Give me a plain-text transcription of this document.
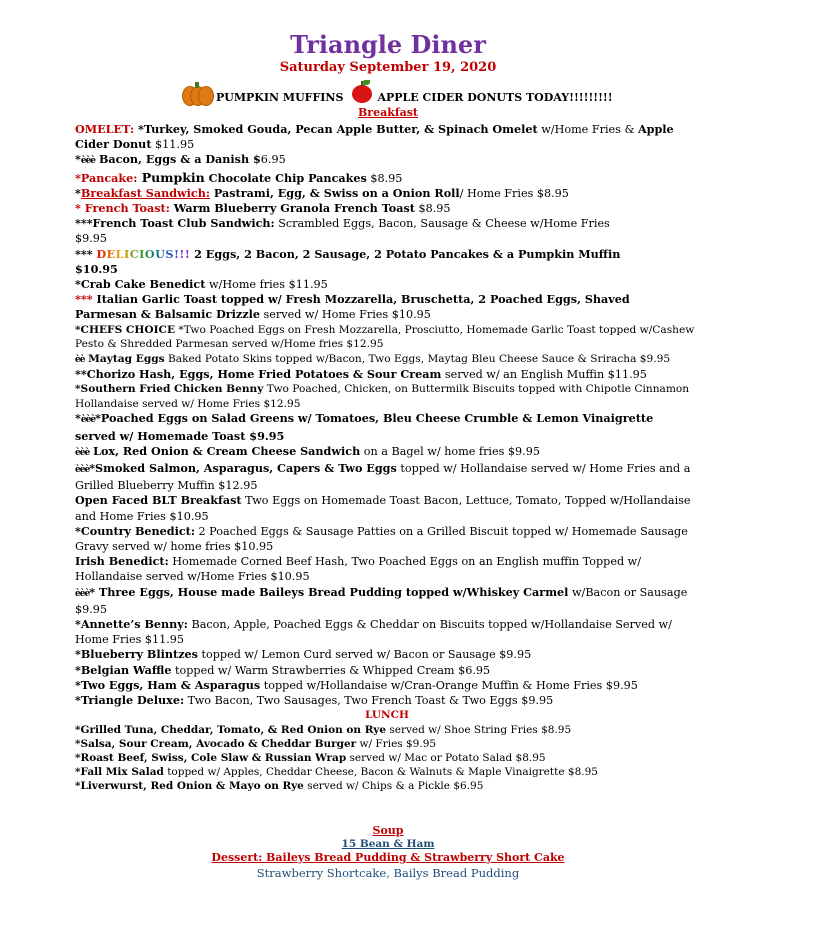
Triangle Diner
Saturday September 19, 2020
PUMPKIN MUFFINS	APPLE CIDER DONUTS TODAY!!!!!!!!!
Breakfast

OMELET: *Turkey, Smoked Gouda, Pecan Apple Butter, & Spinach Omelet w/Home Fries & Apple Cider Donut $11.95

*èèè Bacon, Eggs & a Danish $6.95

*Pancake: Pumpkin Chocolate Chip Pancakes $8.95

*Breakfast Sandwich: Pastrami, Egg, & Swiss on a Onion Roll/ Home Fries $8.95

* French Toast: Warm Blueberry Granola French Toast $8.95

***French Toast Club Sandwich: Scrambled Eggs, Bacon, Sausage & Cheese w/Home Fries
$9.95

*** DELICIOUS!!! 2 Eggs, 2 Bacon, 2 Sausage, 2 Potato Pancakes & a Pumpkin Muffin
$10.95

*Crab Cake Benedict w/Home fries $11.95

*** Italian Garlic Toast topped w/ Fresh Mozzarella, Bruschetta, 2 Poached Eggs, Shaved Parmesan & Balsamic Drizzle served w/ Home Fries $10.95

*CHEFS CHOICE *Two Poached Eggs on Fresh Mozzarella, Prosciutto, Homemade Garlic Toast topped w/Cashew Pesto & Shredded Parmesan served w/Home fries $12.95

èè Maytag Eggs Baked Potato Skins topped w/Bacon, Two Eggs, Maytag Bleu Cheese Sauce & Sriracha $9.95

**Chorizo Hash, Eggs, Home Fried Potatoes & Sour Cream served w/ an English Muffin $11.95

*Southern Fried Chicken Benny Two Poached, Chicken, on Buttermilk Biscuits topped with Chipotle Cinnamon Hollandaise served w/ Home Fries $12.95

*èèè*Poached Eggs on Salad Greens w/ Tomatoes, Bleu Cheese Crumble & Lemon Vinaigrette served w/ Homemade Toast $9.95

èèè Lox, Red Onion & Cream Cheese Sandwich on a Bagel w/ home fries $9.95

èèè*Smoked Salmon, Asparagus, Capers & Two Eggs topped w/ Hollandaise served w/ Home Fries and a Grilled Blueberry Muffin $12.95

Open Faced BLT Breakfast Two Eggs on Homemade Toast Bacon, Lettuce, Tomato, Topped w/Hollandaise and Home Fries $10.95

*Country Benedict: 2 Poached Eggs & Sausage Patties on a Grilled Biscuit topped w/ Homemade Sausage Gravy served w/ home fries $10.95

Irish Benedict: Homemade Corned Beef Hash, Two Poached Eggs on an English muffin Topped w/ Hollandaise served w/Home Fries $10.95

èèè* Three Eggs, House made Baileys Bread Pudding topped w/Whiskey Carmel w/Bacon or Sausage $9.95

*Annette’s Benny: Bacon, Apple, Poached Eggs & Cheddar on Biscuits topped w/Hollandaise Served w/ Home Fries $11.95

*Blueberry Blintzes topped w/ Lemon Curd served w/ Bacon or Sausage $9.95

*Belgian Waffle topped w/ Warm Strawberries & Whipped Cream $6.95

*Two Eggs, Ham & Asparagus topped w/Hollandaise w/Cran-Orange Muffin & Home Fries $9.95

*Triangle Deluxe: Two Bacon, Two Sausages, Two French Toast & Two Eggs $9.95

LUNCH

*Grilled Tuna, Cheddar, Tomato, & Red Onion on Rye served w/ Shoe String Fries $8.95

*Salsa, Sour Cream, Avocado & Cheddar Burger w/ Fries $9.95

*Roast Beef, Swiss, Cole Slaw & Russian Wrap served w/ Mac or Potato Salad $8.95

*Fall Mix Salad topped w/ Apples, Cheddar Cheese, Bacon & Walnuts & Maple Vinaigrette $8.95

*Liverwurst, Red Onion & Mayo on Rye served w/ Chips & a Pickle $6.95

Soup
15 Bean & Ham
Dessert: Baileys Bread Pudding & Strawberry Short Cake
Strawberry Shortcake, Bailys Bread Pudding
